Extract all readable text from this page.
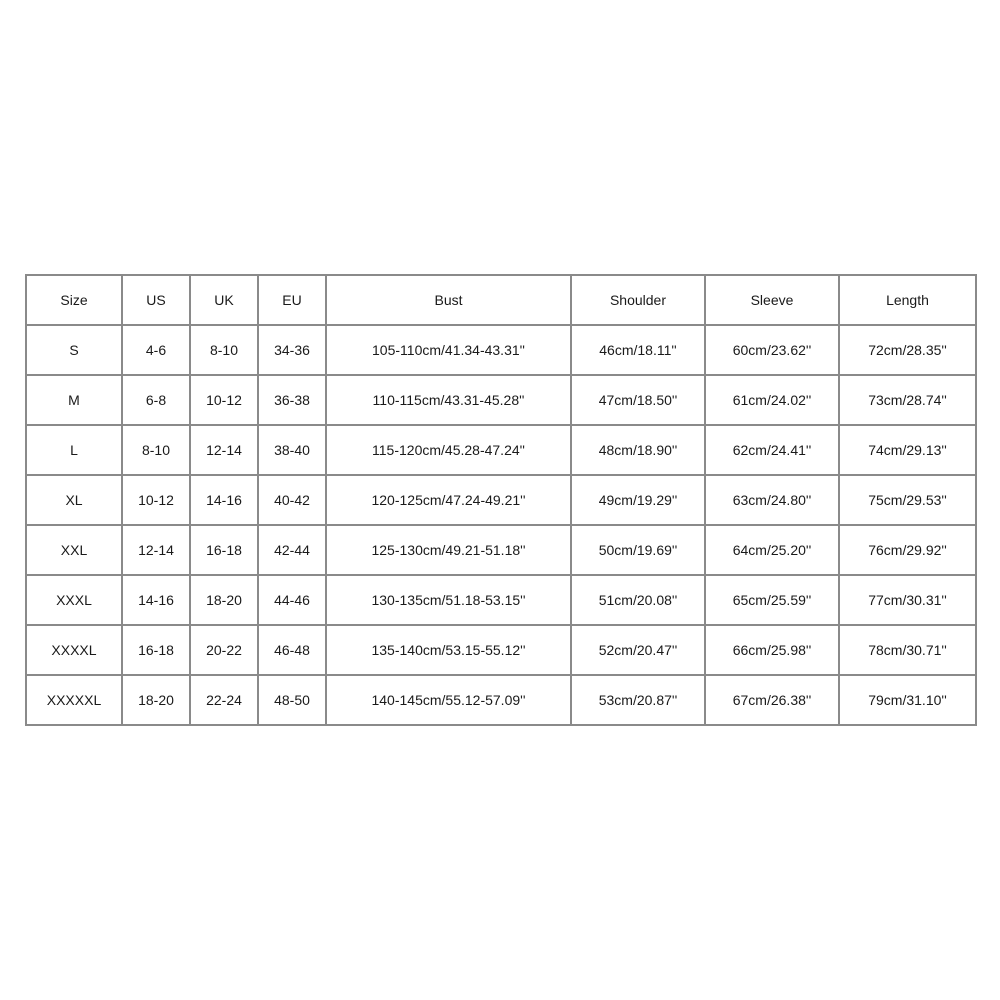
Size	US	UK	EU	Bust	Shoulder	Sleeve	Length
S	4-6	8-10	34-36	105-110cm/41.34-43.31''	46cm/18.11''	60cm/23.62''	72cm/28.35''
M	6-8	10-12	36-38	110-115cm/43.31-45.28''	47cm/18.50''	61cm/24.02''	73cm/28.74''
L	8-10	12-14	38-40	115-120cm/45.28-47.24''	48cm/18.90''	62cm/24.41''	74cm/29.13''
XL	10-12	14-16	40-42	120-125cm/47.24-49.21''	49cm/19.29''	63cm/24.80''	75cm/29.53''
XXL	12-14	16-18	42-44	125-130cm/49.21-51.18''	50cm/19.69''	64cm/25.20''	76cm/29.92''
XXXL	14-16	18-20	44-46	130-135cm/51.18-53.15''	51cm/20.08''	65cm/25.59''	77cm/30.31''
XXXXL	16-18	20-22	46-48	135-140cm/53.15-55.12''	52cm/20.47''	66cm/25.98''	78cm/30.71''
XXXXXL	18-20	22-24	48-50	140-145cm/55.12-57.09''	53cm/20.87''	67cm/26.38''	79cm/31.10''
